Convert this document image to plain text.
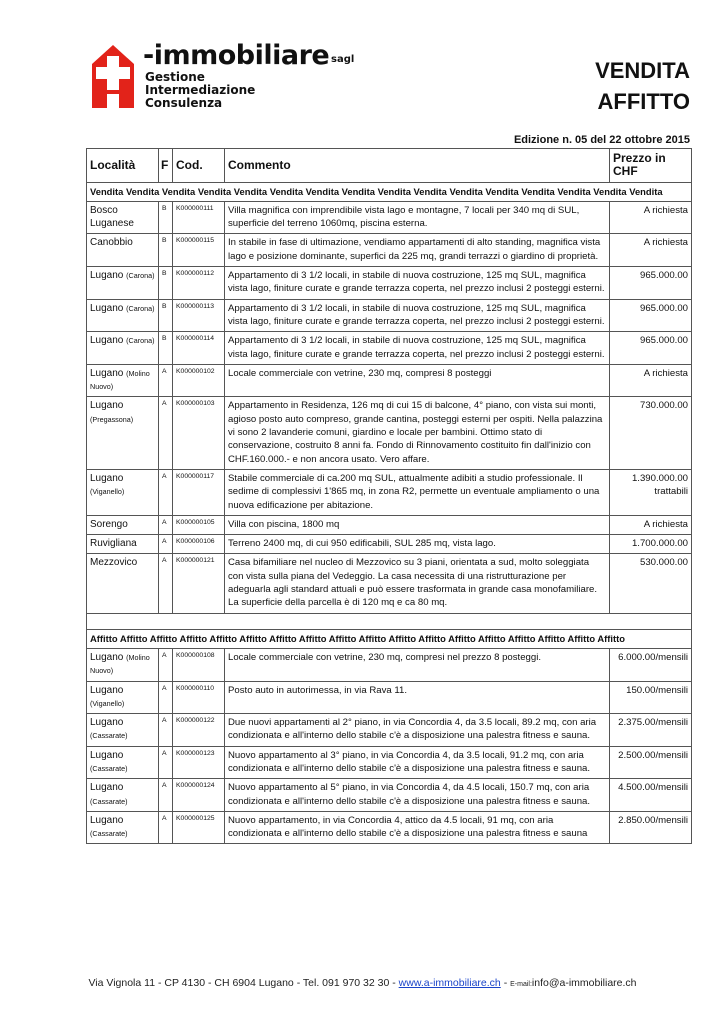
-immobiliare sagl
Gestione
Intermediazione
Consulenza
VENDITA
AFFITTO
Edizione n. 05 del 22 ottobre 2015
Località	F	Cod.	Commento	Prezzo in CHF
Vendita Vendita Vendita Vendita Vendita Vendita Vendita Vendita Vendita Vendita Vendita Vendita Vendita Vendita Vendita Vendita				
Bosco Luganese	B	K000000111	Villa magnifica con imprendibile vista lago e montagne, 7 locali per 340 mq di SUL, superficie del terreno 1060mq, piscina esterna.	A richiesta

Canobbio	B	K000000115	In stabile in fase di ultimazione, vendiamo appartamenti di alto standing, magnifica vista lago e posizione dominante, superfici da 225 mq, grandi terrazzi o giardino di proprietà.	A richiesta

Lugano (Carona)	B	K000000112	Appartamento di 3 1/2 locali, in stabile di nuova costruzione, 125 mq SUL, magnifica vista lago, finiture curate e grande terrazza coperta, nel prezzo inclusi 2 posteggi esterni.	965.000.00

Lugano (Carona)	B	K000000113	Appartamento di 3 1/2 locali, in stabile di nuova costruzione, 125 mq SUL, magnifica vista lago, finiture curate e grande terrazza coperta, nel prezzo inclusi 2 posteggi esterni.	965.000.00

Lugano (Carona)	B	K000000114	Appartamento di 3 1/2 locali, in stabile di nuova costruzione, 125 mq SUL, magnifica vista lago, finiture curate e grande terrazza coperta, nel prezzo inclusi 2 posteggi esterni.	965.000.00

Lugano (Molino Nuovo)	A	K000000102	Locale commerciale con vetrine, 230 mq, compresi 8 posteggi	A richiesta

Lugano (Pregassona)	A	K000000103	Appartamento in Residenza, 126 mq di cui 15 di balcone, 4° piano, con vista sui monti, agioso posto auto compreso, grande cantina, posteggi esterni per ospiti. Nella palazzina vi sono 2 lavanderie comuni, giardino e locale per bambini. Ottimo stato di conservazione, costruito 8 anni fa. Fondo di Rinnovamento costituito fin dall'inizio con CHF.160.000.- e non ancora usato. Vero affare.	730.000.00

Lugano (Viganello)	A	K000000117	Stabile commerciale di ca.200 mq SUL, attualmente adibiti a studio professionale. Il sedime di complessivi 1'865 mq, in zona R2, permette un eventuale ampliamento o una nuova edificazione per abitazione.	1.390.000.00
trattabili

Sorengo	A	K000000105	Villa con piscina, 1800 mq	A richiesta

Ruvigliana	A	K000000106	Terreno 2400 mq, di cui 950 edificabili, SUL 285 mq, vista lago.	1.700.000.00

Mezzovico	A	K000000121	Casa bifamiliare nel nucleo di Mezzovico su 3 piani, orientata a sud, molto soleggiata con vista sulla piana del Vedeggio. La casa necessita di una ristrutturazione per adeguarla agli standard attuali e può essere trasformata in grande casa monofamiliare. La superficie della parcella è di 120 mq e ca 80 mq.	530.000.00

Affitto Affitto Affitto Affitto Affitto Affitto Affitto Affitto Affitto Affitto Affitto Affitto Affitto Affitto Affitto Affitto Affitto Affitto				
Lugano (Molino Nuovo)	A	K000000108	Locale commerciale con vetrine, 230 mq, compresi nel prezzo 8 posteggi.	6.000.00/mensili

Lugano (Viganello)	A	K000000110	Posto auto in autorimessa, in via Rava 11.	150.00/mensili

Lugano (Cassarate)	A	K000000122	Due nuovi appartamenti al 2° piano, in via Concordia 4, da 3.5 locali, 89.2 mq, con aria condizionata e all'interno dello stabile c'è a disposizione una palestra fitness e sauna.	2.375.00/mensili

Lugano (Cassarate)	A	K000000123	Nuovo appartamento al 3° piano, in via Concordia 4, da 3.5 locali, 91.2 mq, con aria condizionata e all'interno dello stabile c'è a disposizione una palestra fitness e sauna.	2.500.00/mensili

Lugano (Cassarate)	A	K000000124	Nuovo appartamento al 5° piano, in via Concordia 4, da 4.5 locali, 150.7 mq, con aria condizionata e all'interno dello stabile c'è a disposizione una palestra fitness e sauna.	4.500.00/mensili

Lugano (Cassarate)	A	K000000125	Nuovo appartamento, in via Concordia 4, attico da 4.5 locali, 91 mq, con aria condizionata e all'interno dello stabile c'è a disposizione una palestra fitness e sauna	2.850.00/mensili
Via Vignola 11 - CP 4130 - CH 6904 Lugano - Tel. 091 970 32 30 - www.a-immobiliare.ch - E-mail:info@a-immobiliare.ch
